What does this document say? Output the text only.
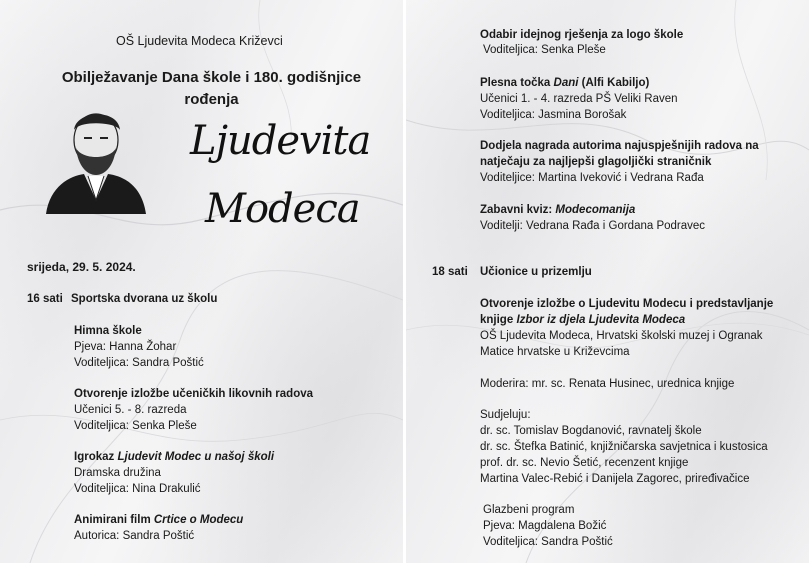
OŠ Ljudevita Modeca Križevci
Obilježavanje Dana škole i 180. godišnjice
rođenja
Ljudevita
Modeca
srijeda, 29. 5. 2024.
16 sati Sportska dvorana uz školu
Himna škole
Pjeva: Hanna Žohar
Voditeljica: Sandra Poštić
Otvorenje izložbe učeničkih likovnih radova
Učenici 5. - 8. razreda
Voditeljica: Senka Pleše
Igrokaz Ljudevit Modec u našoj školi
Dramska družina
Voditeljica: Nina Drakulić
Animirani film Crtice o Modecu
Autorica: Sandra Poštić
Odabir idejnog rješenja za logo škole
Voditeljica: Senka Pleše
Plesna točka Dani (Alfi Kabiljo)
Učenici 1. - 4. razreda PŠ Veliki Raven
Voditeljica: Jasmina Borošak
Dodjela nagrada autorima najuspješnijih radova na
natječaju za najljepši glagoljički straničnik
Voditeljice: Martina Iveković i Vedrana Rađa
Zabavni kviz: Modecomanija
Voditelji: Vedrana Rađa i Gordana Podravec
18 sati Učionice u prizemlju
Otvorenje izložbe o Ljudevitu Modecu i predstavljanje
knjige Izbor iz djela Ljudevita Modeca
OŠ Ljudevita Modeca, Hrvatski školski muzej i Ogranak
Matice hrvatske u Križevcima
Moderira: mr. sc. Renata Husinec, urednica knjige
Sudjeluju:
dr. sc. Tomislav Bogdanović, ravnatelj škole
dr. sc. Štefka Batinić, knjižničarska savjetnica i kustosica
prof. dr. sc. Nevio Šetić, recenzent knjige
Martina Valec-Rebić i Danijela Zagorec, priređivačice
Glazbeni program
Pjeva: Magdalena Božić
Voditeljica: Sandra Poštić
